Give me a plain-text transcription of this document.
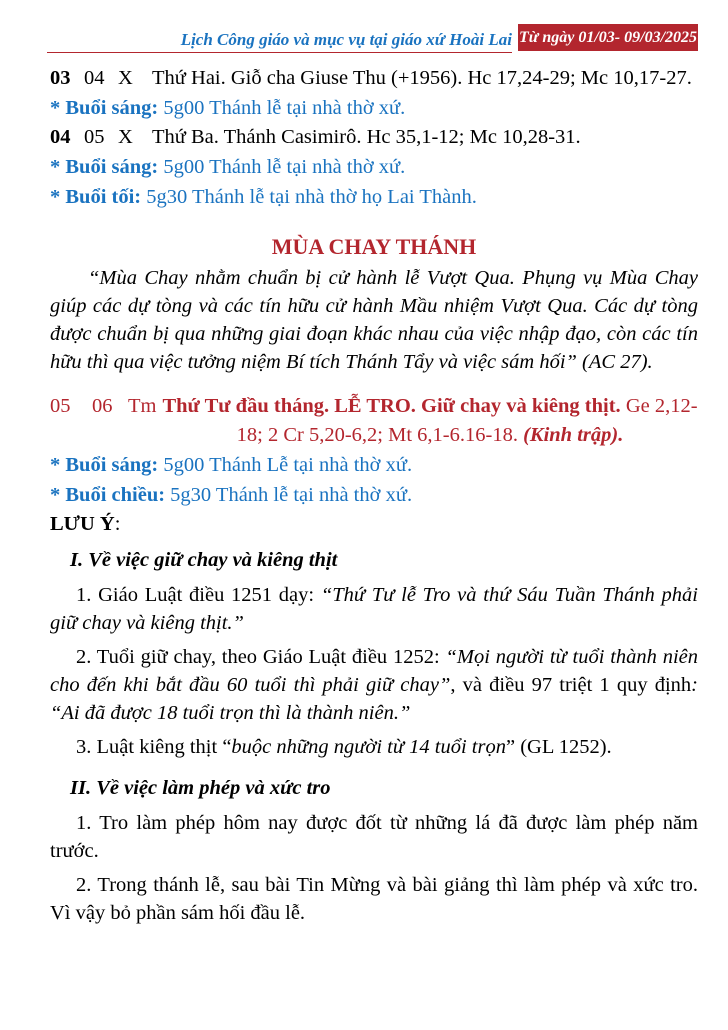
Lịch Công giáo và mục vụ tại giáo xứ Hoài Lai Từ ngày 01/03- 09/03/2025
03 04 X Thứ Hai. Giỗ cha Giuse Thu (+1956). Hc 17,24-29; Mc 10,17-27.
* Buổi sáng: 5g00 Thánh lễ tại nhà thờ xứ.
04 05 X Thứ Ba. Thánh Casimirô. Hc 35,1-12; Mc 10,28-31.
* Buổi sáng: 5g00 Thánh lễ tại nhà thờ xứ.
* Buổi tối: 5g30 Thánh lễ tại nhà thờ họ Lai Thành.
MÙA CHAY THÁNH
“Mùa Chay nhằm chuẩn bị cử hành lễ Vượt Qua. Phụng vụ Mùa Chay giúp các dự tòng và các tín hữu cử hành Mầu nhiệm Vượt Qua. Các dự tòng được chuẩn bị qua những giai đoạn khác nhau của việc nhập đạo, còn các tín hữu thì qua việc tưởng niệm Bí tích Thánh Tẩy và việc sám hối” (AC 27).
05	06 Tm Thứ Tư đầu tháng. LỄ TRO. Giữ chay và kiêng thịt. Ge 2,12-18; 2 Cr 5,20-6,2; Mt 6,1-6.16-18. (Kinh trập).
* Buổi sáng: 5g00 Thánh Lễ tại nhà thờ xứ.
* Buổi chiều: 5g30 Thánh lễ tại nhà thờ xứ.
LƯU Ý:
I. Về việc giữ chay và kiêng thịt
1. Giáo Luật điều 1251 dạy: “Thứ Tư lễ Tro và thứ Sáu Tuần Thánh phải giữ chay và kiêng thịt.”
2. Tuổi giữ chay, theo Giáo Luật điều 1252: “Mọi người từ tuổi thành niên cho đến khi bắt đầu 60 tuổi thì phải giữ chay”, và điều 97 triệt 1 quy định: “Ai đã được 18 tuổi trọn thì là thành niên.”
3. Luật kiêng thịt “buộc những người từ 14 tuổi trọn” (GL 1252).
II. Về việc làm phép và xức tro
1. Tro làm phép hôm nay được đốt từ những lá đã được làm phép năm trước.
2. Trong thánh lễ, sau bài Tin Mừng và bài giảng thì làm phép và xức tro. Vì vậy bỏ phần sám hối đầu lễ.
